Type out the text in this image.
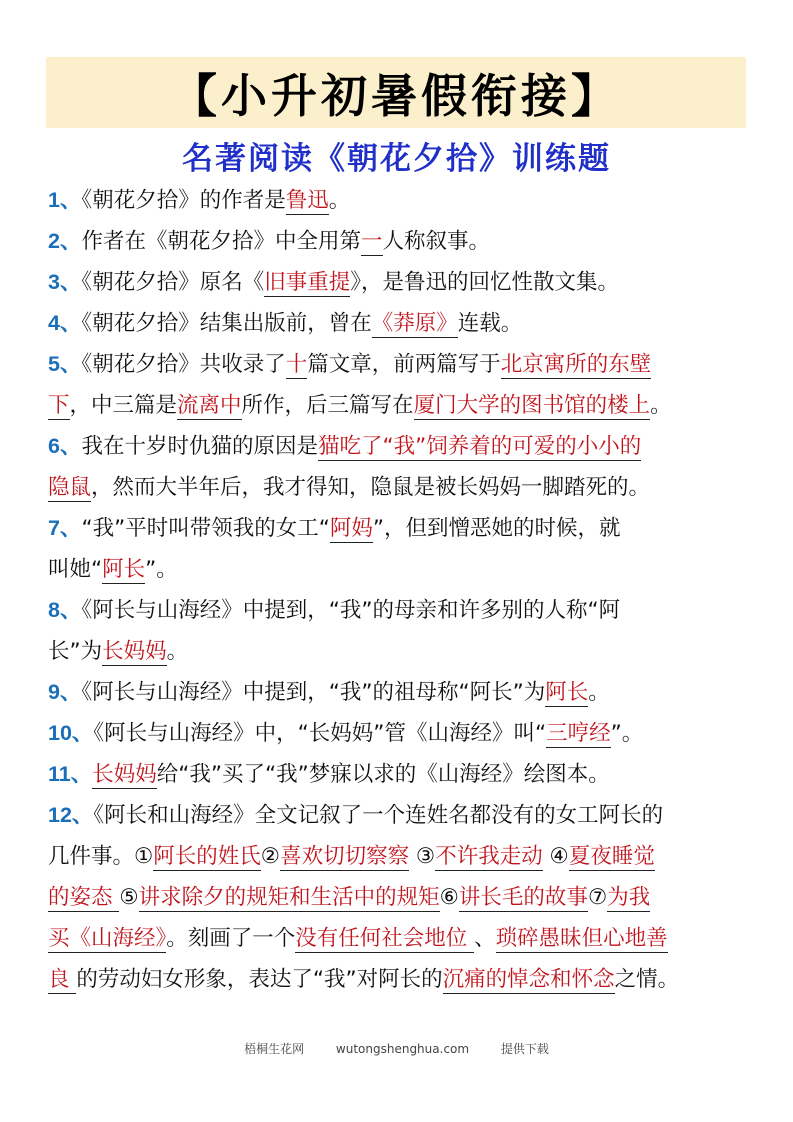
【小升初暑假衔接】
名著阅读《朝花夕拾》训练题
1、《朝花夕拾》的作者是鲁迅。
2、作者在《朝花夕拾》中全用第一人称叙事。
3、《朝花夕拾》原名《旧事重提》，是鲁迅的回忆性散文集。
4、《朝花夕拾》结集出版前，曾在《莽原》连载。
5、《朝花夕拾》共收录了十篇文章，前两篇写于北京寓所的东壁
下，中三篇是流离中所作，后三篇写在厦门大学的图书馆的楼上。
6、我在十岁时仇猫的原因是猫吃了“我”饲养着的可爱的小小的
隐鼠，然而大半年后，我才得知，隐鼠是被长妈妈一脚踏死的。
7、“我”平时叫带领我的女工“阿妈”，但到憎恶她的时候，就
叫她“阿长”。
8、《阿长与山海经》中提到，“我”的母亲和许多别的人称“阿
长”为长妈妈。
9、《阿长与山海经》中提到，“我”的祖母称“阿长”为阿长。
10、《阿长与山海经》中，“长妈妈”管《山海经》叫“三哼经”。
11、长妈妈给“我”买了“我”梦寐以求的《山海经》绘图本。
12、《阿长和山海经》全文记叙了一个连姓名都没有的女工阿长的
几件事。①阿长的姓氏②喜欢切切察察 ③不许我走动 ④夏夜睡觉
的姿态 ⑤讲求除夕的规矩和生活中的规矩⑥讲长毛的故事⑦为我
买《山海经》。刻画了一个没有任何社会地位 、琐碎愚昧但心地善
良 的劳动妇女形象，表达了“我”对阿长的沉痛的悼念和怀念之情。
梧桐生花网	wutongshenghua.com	提供下载
